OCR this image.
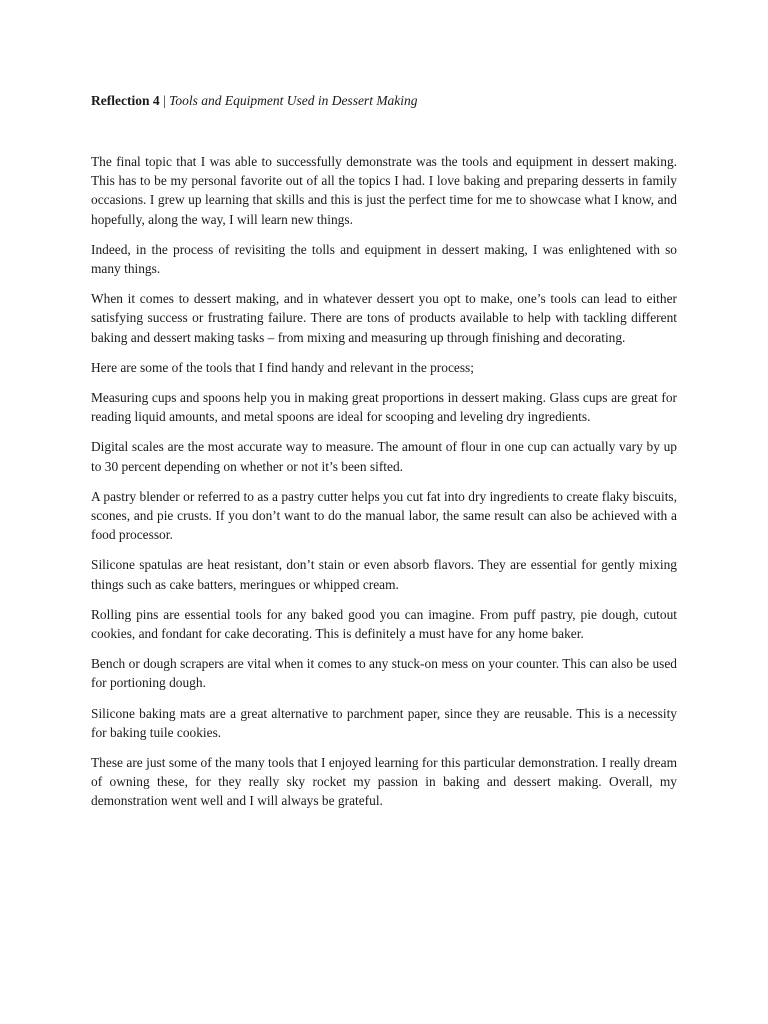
Reflection 4 | Tools and Equipment Used in Dessert Making

The final topic that I was able to successfully demonstrate was the tools and equipment in dessert making. This has to be my personal favorite out of all the topics I had. I love baking and preparing desserts in family occasions. I grew up learning that skills and this is just the perfect time for me to showcase what I know, and hopefully, along the way, I will learn new things.

Indeed, in the process of revisiting the tolls and equipment in dessert making, I was enlightened with so many things.

When it comes to dessert making, and in whatever dessert you opt to make, one’s tools can lead to either satisfying success or frustrating failure. There are tons of products available to help with tackling different baking and dessert making tasks – from mixing and measuring up through finishing and decorating.

Here are some of the tools that I find handy and relevant in the process;

Measuring cups and spoons help you in making great proportions in dessert making. Glass cups are great for reading liquid amounts, and metal spoons are ideal for scooping and leveling dry ingredients.

Digital scales are the most accurate way to measure. The amount of flour in one cup can actually vary by up to 30 percent depending on whether or not it’s been sifted.

A pastry blender or referred to as a pastry cutter helps you cut fat into dry ingredients to create flaky biscuits, scones, and pie crusts. If you don’t want to do the manual labor, the same result can also be achieved with a food processor.

Silicone spatulas are heat resistant, don’t stain or even absorb flavors. They are essential for gently mixing things such as cake batters, meringues or whipped cream.

Rolling pins are essential tools for any baked good you can imagine. From puff pastry, pie dough, cutout cookies, and fondant for cake decorating. This is definitely a must have for any home baker.

Bench or dough scrapers are vital when it comes to any stuck-on mess on your counter. This can also be used for portioning dough.

Silicone baking mats are a great alternative to parchment paper, since they are reusable. This is a necessity for baking tuile cookies.

These are just some of the many tools that I enjoyed learning for this particular demonstration. I really dream of owning these, for they really sky rocket my passion in baking and dessert making. Overall, my demonstration went well and I will always be grateful.
